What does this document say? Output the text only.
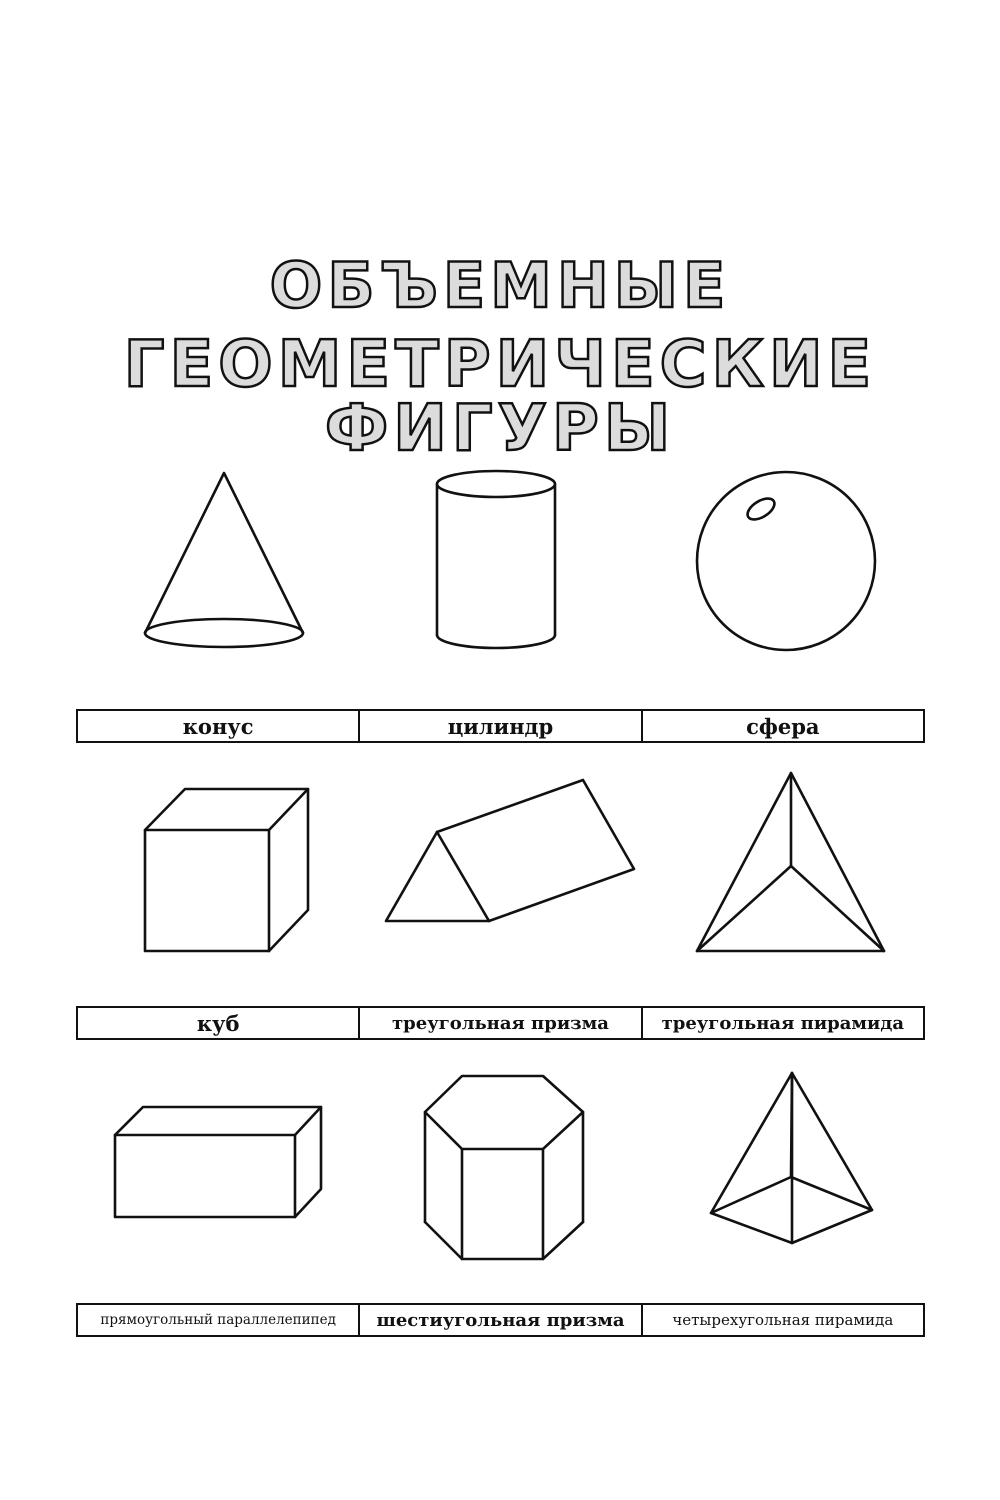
ОБЪЕМНЫЕ
ГЕОМЕТРИЧЕСКИЕ ФИГУРЫ
конус	цилиндр	сфера
куб	треугольная призма	треугольная пирамида
прямоугольный параллелепипед	шестиугольная призма	четырехугольная пирамида
